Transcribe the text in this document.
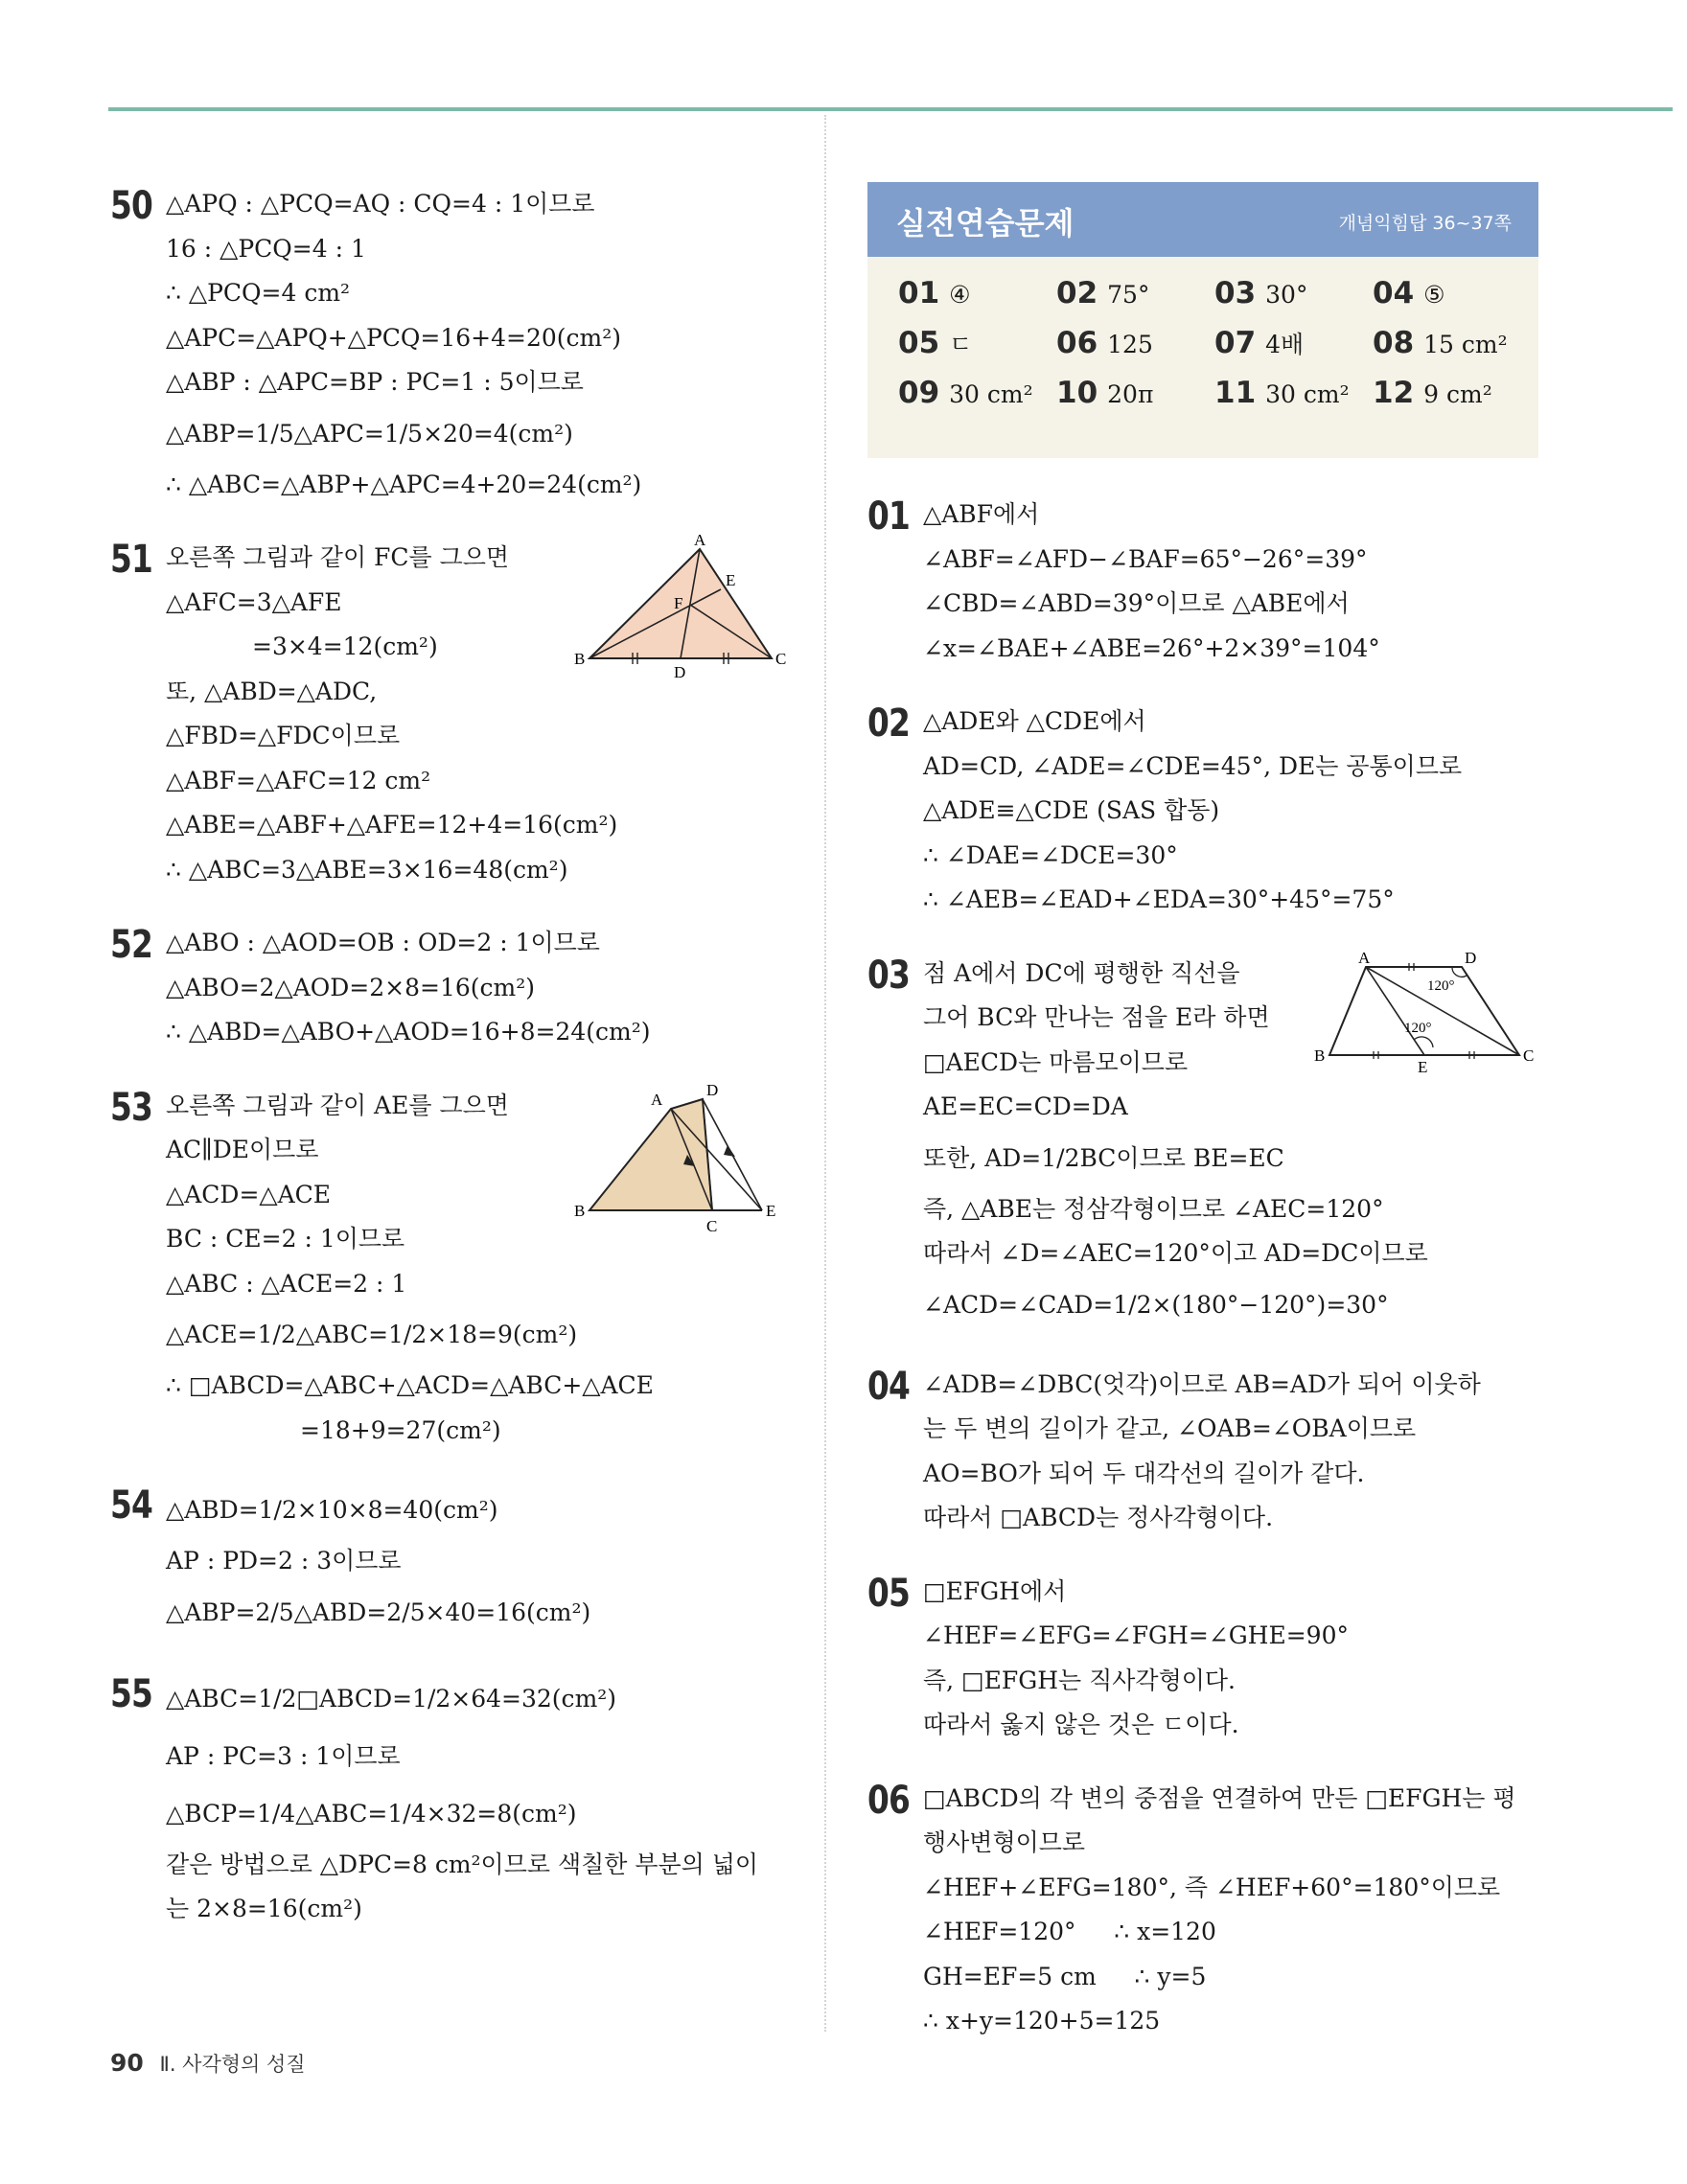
50 △APQ : △PCQ=AQ : CQ=4 : 1이므로
16 : △PCQ=4 : 1
∴ △PCQ=4 cm²
△APC=△APQ+△PCQ=16+4=20(cm²)
△ABP : △APC=BP : PC=1 : 5이므로
△ABP=1/5△APC=1/5×20=4(cm²)
∴ △ABC=△ABP+△APC=4+20=24(cm²)
51 오른쪽 그림과 같이 FC를 그으면
△AFC=3△AFE
=3×4=12(cm²)
또, △ABD=△ADC,
△FBD=△FDC이므로
△ABF=△AFC=12 cm²
△ABE=△ABF+△AFE=12+4=16(cm²)
∴ △ABC=3△ABE=3×16=48(cm²)
A
E
F
B
D
C
52 △ABO : △AOD=OB : OD=2 : 1이므로
△ABO=2△AOD=2×8=16(cm²)
∴ △ABD=△ABO+△AOD=16+8=24(cm²)
53 오른쪽 그림과 같이 AE를 그으면
AC∥DE이므로
△ACD=△ACE
BC : CE=2 : 1이므로
△ABC : △ACE=2 : 1
△ACE=1/2△ABC=1/2×18=9(cm²)
∴ □ABCD=△ABC+△ACD=△ABC+△ACE
=18+9=27(cm²)
A
D
B
C
E
54 △ABD=1/2×10×8=40(cm²)
AP : PD=2 : 3이므로
△ABP=2/5△ABD=2/5×40=16(cm²)
55 △ABC=1/2□ABCD=1/2×64=32(cm²)
AP : PC=3 : 1이므로
△BCP=1/4△ABC=1/4×32=8(cm²)
같은 방법으로 △DPC=8 cm²이므로 색칠한 부분의 넓이
는 2×8=16(cm²)
실전연습문제	개념익힘탑 36~37쪽
01 ④	02 75° 03 30° 04 ⑤
05 ㄷ	06 125 07 4배 08 15 cm²
09 30 cm² 10 20π 11 30 cm² 12 9 cm²
01 △ABF에서
∠ABF=∠AFD−∠BAF=65°−26°=39°
∠CBD=∠ABD=39°이므로 △ABE에서
∠x=∠BAE+∠ABE=26°+2×39°=104°
02 △ADE와 △CDE에서
AD=CD, ∠ADE=∠CDE=45°, DE는 공통이므로
△ADE≡△CDE (SAS 합동)
∴ ∠DAE=∠DCE=30°
∴ ∠AEB=∠EAD+∠EDA=30°+45°=75°
03 점 A에서 DC에 평행한 직선을
그어 BC와 만나는 점을 E라 하면
□AECD는 마름모이므로
AE=EC=CD=DA
또한, AD=1/2BC이므로 BE=EC
즉, △ABE는 정삼각형이므로 ∠AEC=120°
따라서 ∠D=∠AEC=120°이고 AD=DC이므로
∠ACD=∠CAD=1/2×(180°−120°)=30°
A	D
120°
120°
B
E
C
04 ∠ADB=∠DBC(엇각)이므로 AB=AD가 되어 이웃하
는 두 변의 길이가 같고, ∠OAB=∠OBA이므로
AO=BO가 되어 두 대각선의 길이가 같다.
따라서 □ABCD는 정사각형이다.
05 □EFGH에서
∠HEF=∠EFG=∠FGH=∠GHE=90°
즉, □EFGH는 직사각형이다.
따라서 옳지 않은 것은 ㄷ이다.
06 □ABCD의 각 변의 중점을 연결하여 만든 □EFGH는 평
행사변형이므로
∠HEF+∠EFG=180°, 즉 ∠HEF+60°=180°이므로
∠HEF=120°     ∴ x=120
GH=EF=5 cm     ∴ y=5
∴ x+y=120+5=125
90 Ⅱ. 사각형의 성질
